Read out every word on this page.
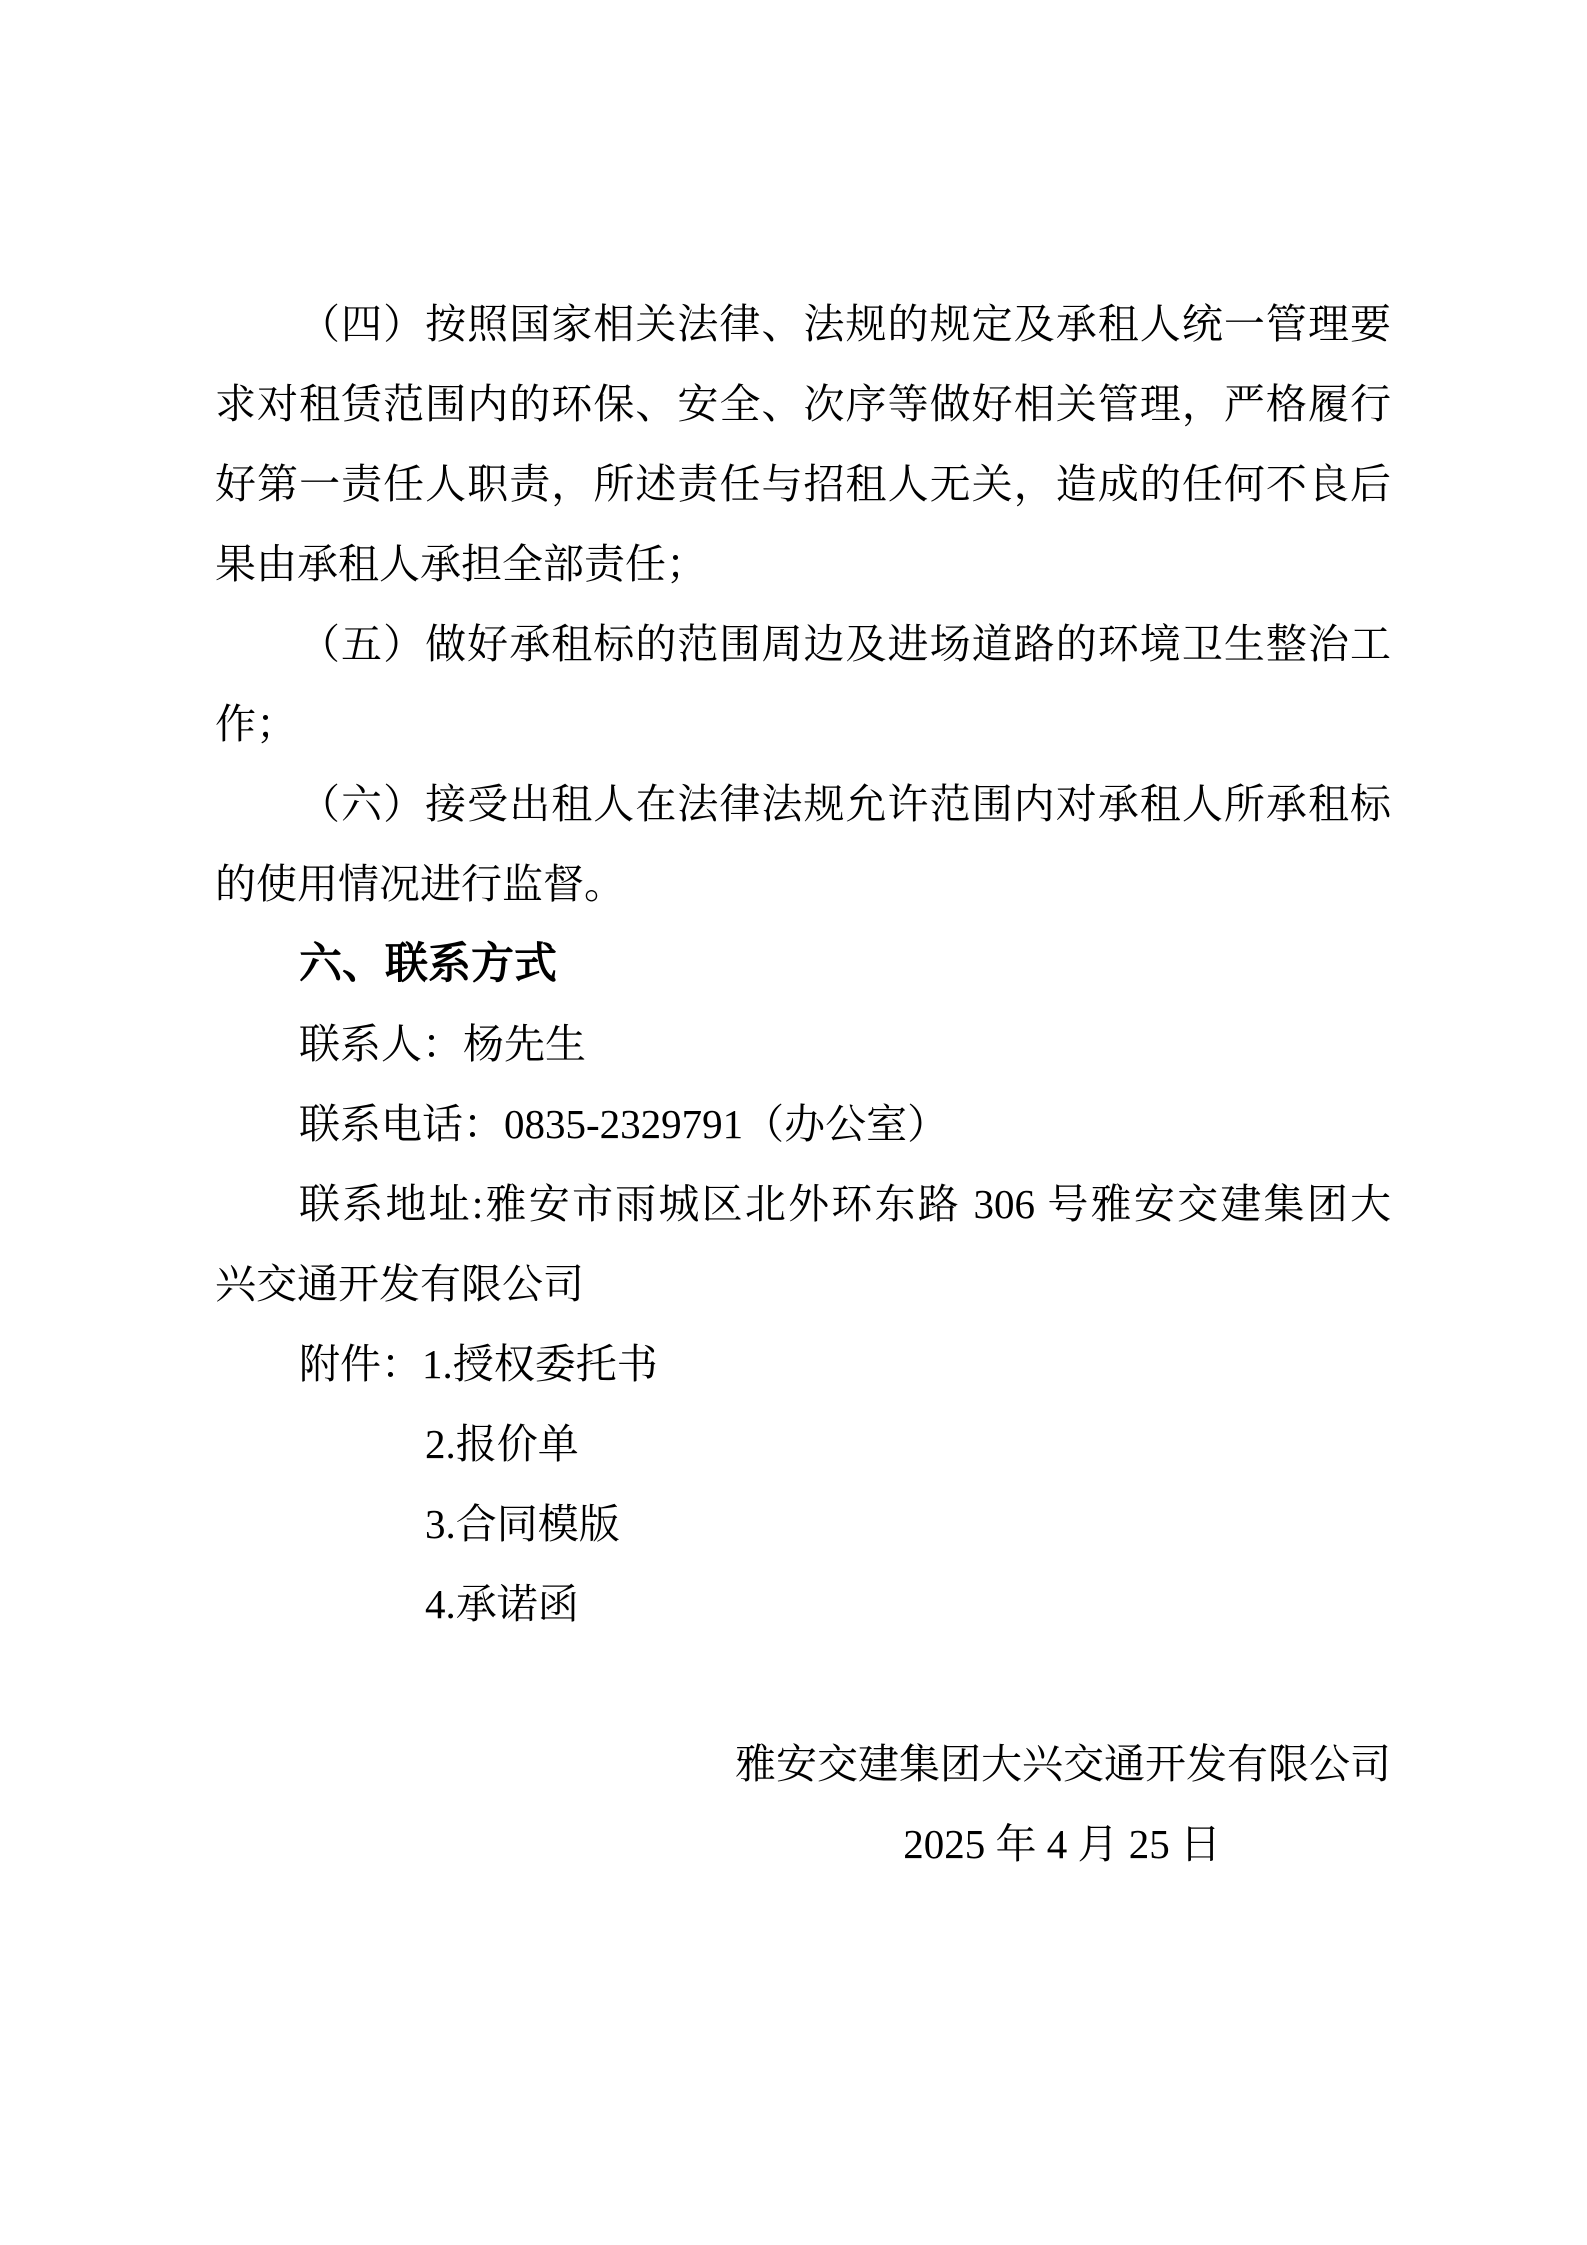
（四）按照国家相关法律、法规的规定及承租人统一管理要
求对租赁范围内的环保、安全、次序等做好相关管理，严格履行
好第一责任人职责，所述责任与招租人无关，造成的任何不良后
果由承租人承担全部责任；
（五）做好承租标的范围周边及进场道路的环境卫生整治工
作；
（六）接受出租人在法律法规允许范围内对承租人所承租标
的使用情况进行监督。
六、联系方式
联系人：杨先生
联系电话：0835-2329791（办公室）
联系地址:雅安市雨城区北外环东路 306 号雅安交建集团大
兴交通开发有限公司
附件：1.授权委托书
2.报价单
3.合同模版
4.承诺函
雅安交建集团大兴交通开发有限公司
2025 年 4 月 25 日
